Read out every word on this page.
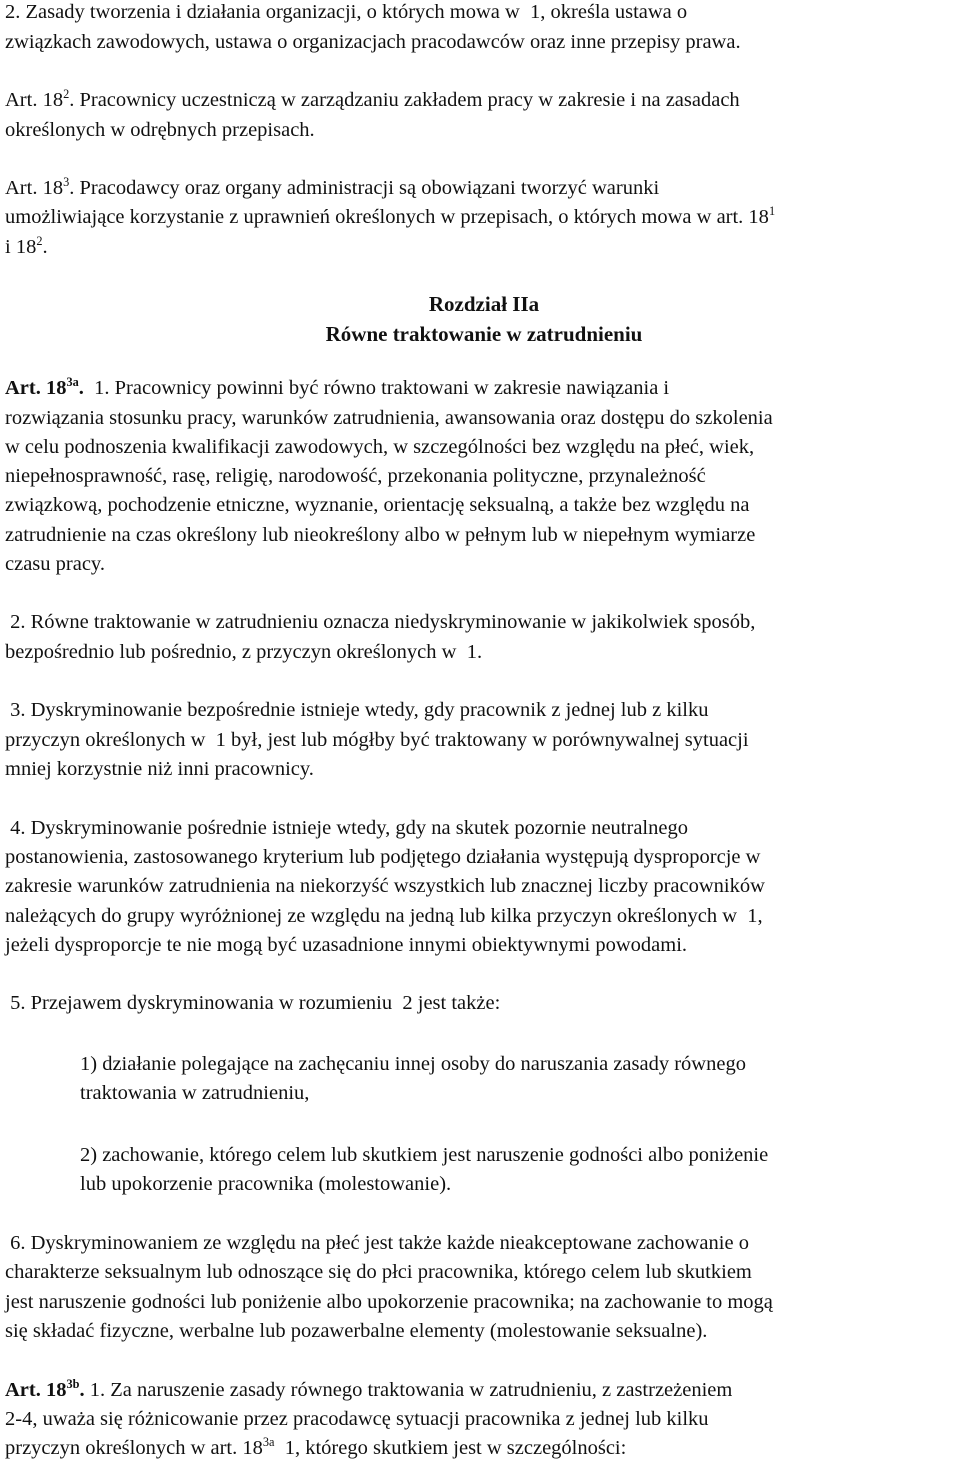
2. Zasady tworzenia i działania organizacji, o których mowa w  1, określa ustawa o

związkach zawodowych, ustawa o organizacjach pracodawców oraz inne przepisy prawa.

Art. $18^2$. Pracownicy uczestniczą w zarządzaniu zakładem pracy w zakresie i na zasadach

określonych w odrębnych przepisach.

Art. $18^3$. Pracodawcy oraz organy administracji są obowiązani tworzyć warunki

umożliwiające korzystanie z uprawnień określonych w przepisach, o których mowa w art. $18^1$

i $18^2$.

Rozdział IIa

Równe traktowanie w zatrudnieniu

Art. $18^{3a}$.  1. Pracownicy powinni być równo traktowani w zakresie nawiązania i

rozwiązania stosunku pracy, warunków zatrudnienia, awansowania oraz dostępu do szkolenia

w celu podnoszenia kwalifikacji zawodowych, w szczególności bez względu na płeć, wiek,

niepełnosprawność, rasę, religię, narodowość, przekonania polityczne, przynależność

związkową, pochodzenie etniczne, wyznanie, orientację seksualną, a także bez względu na

zatrudnienie na czas określony lub nieokreślony albo w pełnym lub w niepełnym wymiarze

czasu pracy.

2. Równe traktowanie w zatrudnieniu oznacza niedyskryminowanie w jakikolwiek sposób,

bezpośrednio lub pośrednio, z przyczyn określonych w  1.

3. Dyskryminowanie bezpośrednie istnieje wtedy, gdy pracownik z jednej lub z kilku

przyczyn określonych w  1 był, jest lub mógłby być traktowany w porównywalnej sytuacji

mniej korzystnie niż inni pracownicy.

4. Dyskryminowanie pośrednie istnieje wtedy, gdy na skutek pozornie neutralnego

postanowienia, zastosowanego kryterium lub podjętego działania występują dysproporcje w

zakresie warunków zatrudnienia na niekorzyść wszystkich lub znacznej liczby pracowników

należących do grupy wyróżnionej ze względu na jedną lub kilka przyczyn określonych w  1,

jeżeli dysproporcje te nie mogą być uzasadnione innymi obiektywnymi powodami.

5. Przejawem dyskryminowania w rozumieniu  2 jest także:

1) działanie polegające na zachęcaniu innej osoby do naruszania zasady równego

traktowania w zatrudnieniu,

2) zachowanie, którego celem lub skutkiem jest naruszenie godności albo poniżenie

lub upokorzenie pracownika (molestowanie).

6. Dyskryminowaniem ze względu na płeć jest także każde nieakceptowane zachowanie o

charakterze seksualnym lub odnoszące się do płci pracownika, którego celem lub skutkiem

jest naruszenie godności lub poniżenie albo upokorzenie pracownika; na zachowanie to mogą

się składać fizyczne, werbalne lub pozawerbalne elementy (molestowanie seksualne).

Art. $18^{3b}$. 1. Za naruszenie zasady równego traktowania w zatrudnieniu, z zastrzeżeniem

2-4, uważa się różnicowanie przez pracodawcę sytuacji pracownika z jednej lub kilku

przyczyn określonych w art. $18^{3a}$  1, którego skutkiem jest w szczególności:
